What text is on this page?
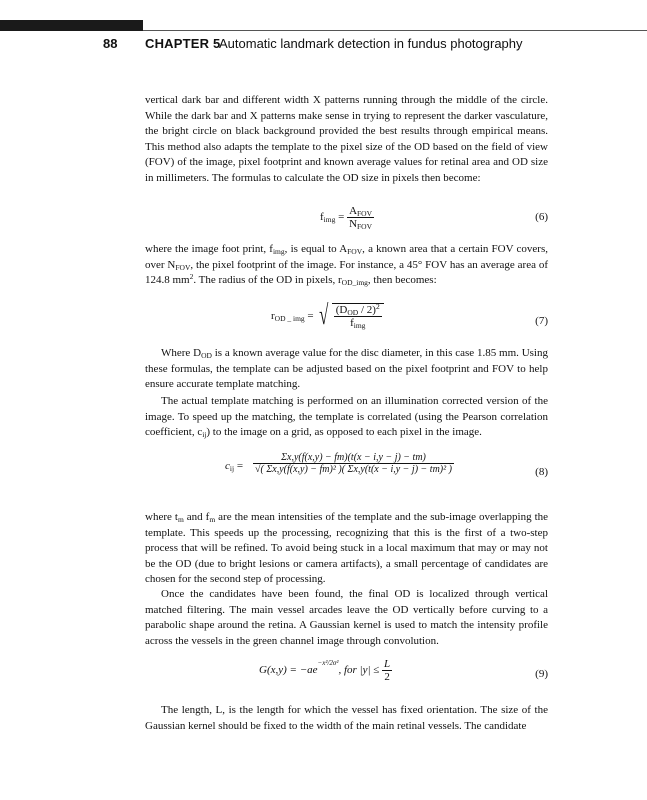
88 CHAPTER 5
Automatic landmark detection in fundus photography

vertical dark bar and different width X patterns running through the middle of the circle. While the dark bar and X patterns make sense in trying to represent the darker vasculature, the bright circle on black background provided the best results through empirical means. This method also adapts the template to the pixel size of the OD based on the field of view (FOV) of the image, pixel footprint and known average values for retinal area and OD size in millimeters. The formulas to calculate the OD size in pixels then become:

$f_{img} = \frac{A_{FOV}}{N_{FOV}}$	(6)

where the image foot print, $f_{img}$, is equal to $A_{FOV}$, a known area that a certain FOV covers, over $N_{FOV}$, the pixel footprint of the image. For instance, a 45° FOV has an average area of 124.8 $mm^2$. The radius of the OD in pixels, $r_{OD\_img}$, then becomes:

$r_{OD \_ img}$ = √ $\frac{(D_{OD} / 2)^2}{f_{img}}$	(7)

Where $D_{OD}$ is a known average value for the disc diameter, in this case 1.85 mm. Using these formulas, the template can be adjusted based on the pixel footprint and FOV to help ensure accurate template matching.

The actual template matching is performed on an illumination corrected version of the image. To speed up the matching, the template is correlated (using the Pearson correlation coefficient, $c_{ij}$) to the image on a grid, as opposed to each pixel in the image.

$c_{ij} = \frac{\Sigma x,y(f(x,y) - fm)(t(x - i,y - j) - tm)}{\text{√( Σx,y(f(x,y) − fm)² )( Σx,y(t(x − i,y − j) − tm)² )}}$	(8)

where $t_m$ and $f_m$ are the mean intensities of the template and the sub-image overlapping the template. This speeds up the processing, recognizing that this is the first of a two-step process that will be refined. To avoid being stuck in a local maximum that may or may not be the OD (due to bright lesions or camera artifacts), a small percentage of candidates are chosen for the second step of processing.

Once the candidates have been found, the final OD is localized through vertical matched filtering. The main vessel arcades leave the OD vertically before curving to a parabolic shape around the retina. A Gaussian kernel is used to match the intensity profile across the vessels in the green channel image through convolution.

$G(x,y) = -ae^{-x^2/2\sigma^2}$, for $|y| \le \frac{L}{2}$	(9)

The length, L, is the length for which the vessel has fixed orientation. The size of the Gaussian kernel should be fixed to the width of the main retinal vessels. The candidate
